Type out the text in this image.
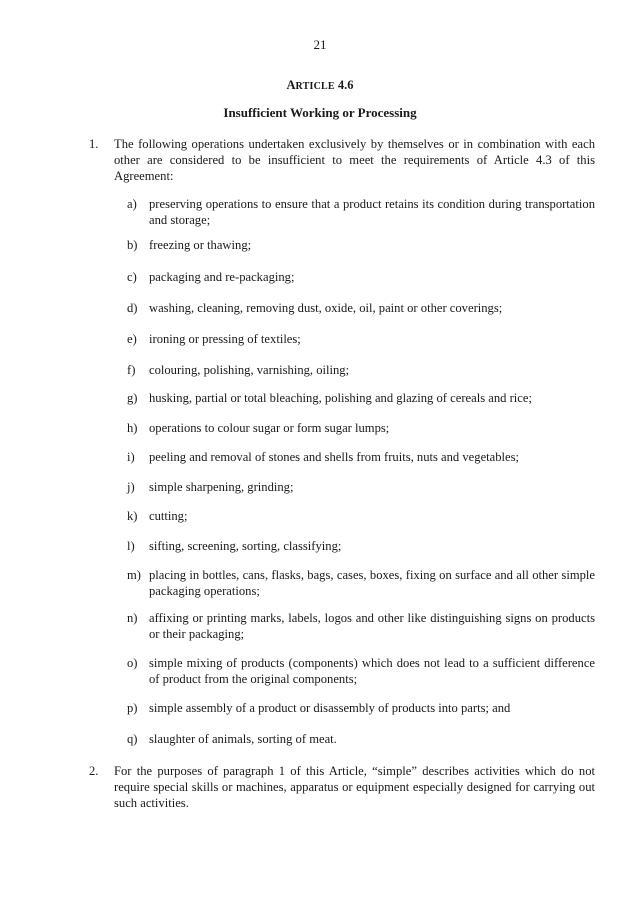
21
ARTICLE 4.6
Insufficient Working or Processing
1. The following operations undertaken exclusively by themselves or in combination with each other are considered to be insufficient to meet the requirements of Article 4.3 of this Agreement:
a) preserving operations to ensure that a product retains its condition during transportation and storage;
b) freezing or thawing;
c) packaging and re-packaging;
d) washing, cleaning, removing dust, oxide, oil, paint or other coverings;
e) ironing or pressing of textiles;
f)	colouring, polishing, varnishing, oiling;
g) husking, partial or total bleaching, polishing and glazing of cereals and rice;
h) operations to colour sugar or form sugar lumps;
i)	peeling and removal of stones and shells from fruits, nuts and vegetables;
j)	simple sharpening, grinding;
k) cutting;
l)	sifting, screening, sorting, classifying;
m) placing in bottles, cans, flasks, bags, cases, boxes, fixing on surface and all other simple packaging operations;
n) affixing or printing marks, labels, logos and other like distinguishing signs on products or their packaging;
o) simple mixing of products (components) which does not lead to a sufficient difference of product from the original components;
p) simple assembly of a product or disassembly of products into parts; and
q) slaughter of animals, sorting of meat.
2. For the purposes of paragraph 1 of this Article, “simple” describes activities which do not require special skills or machines, apparatus or equipment especially designed for carrying out such activities.
